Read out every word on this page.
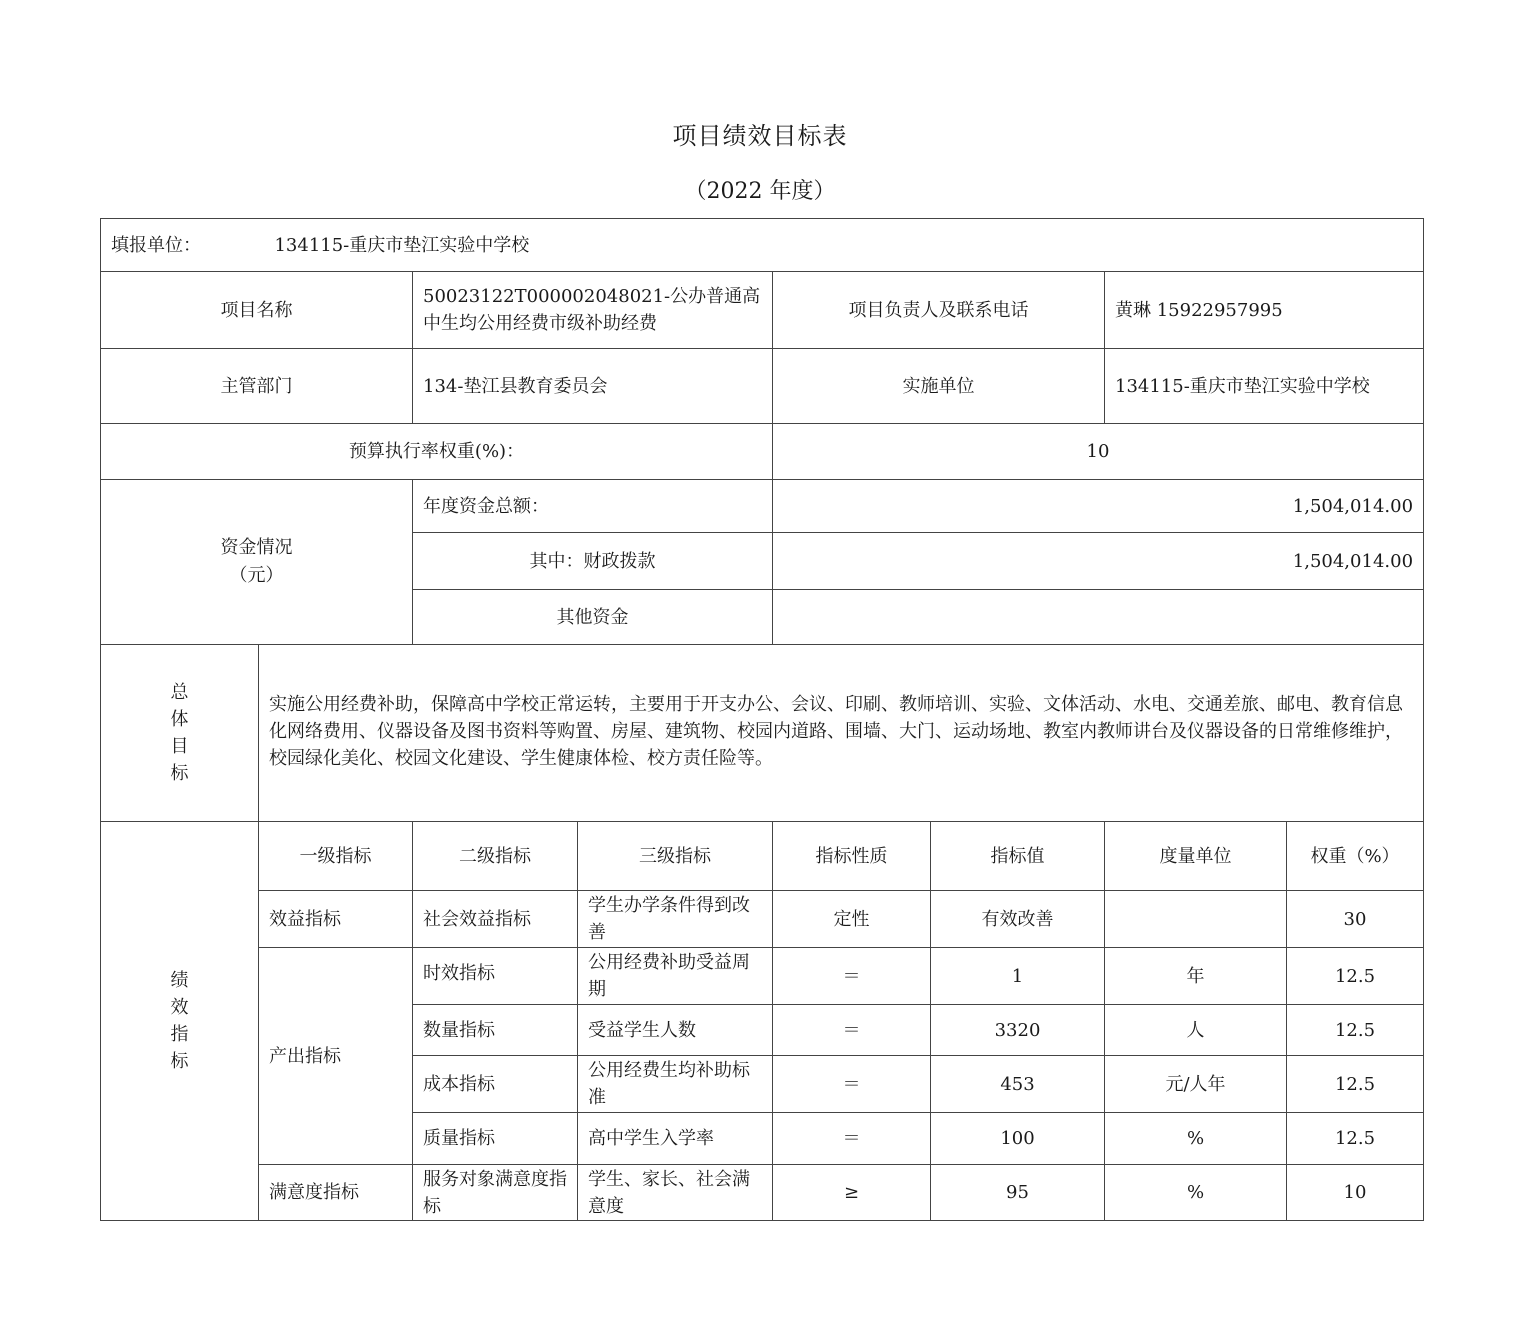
项目绩效目标表
（2022 年度）
填报单位： 134115-重庆市垫江实验中学校							
项目名称		50023122T000002048021-公办普通高中生均公用经费市级补助经费		项目负责人及联系电话		黄琳 15922957995	
主管部门		134-垫江县教育委员会		实施单位		134115-重庆市垫江实验中学校	
预算执行率权重(%)：				10			

资金情况
（元）		年度资金总额：		1,504,014.00			
		其中：财政拨款		1,504,014.00			
		其他资金					

总
体
目
标	实施公用经费补助，保障高中学校正常运转，主要用于开支办公、会议、印刷、教师培训、实验、文体活动、水电、交通差旅、邮电、教育信息化网络费用、仪器设备及图书资料等购置、房屋、建筑物、校园内道路、围墙、大门、运动场地、教室内教师讲台及仪器设备的日常维修维护，校园绿化美化、校园文化建设、学生健康体检、校方责任险等。						

绩
效
指
标	一级指标	二级指标	三级指标	指标性质	指标值	度量单位	权重（%）
	效益指标	社会效益指标	学生办学条件得到改善	定性	有效改善		30
	产出指标	时效指标	公用经费补助受益周期	＝	1	年	12.5
		数量指标	受益学生人数	＝	3320	人	12.5
		成本指标	公用经费生均补助标准	＝	453	元/人年	12.5
		质量指标	高中学生入学率	＝	100	%	12.5
	满意度指标	服务对象满意度指标	学生、家长、社会满意度	≥	95	%	10
